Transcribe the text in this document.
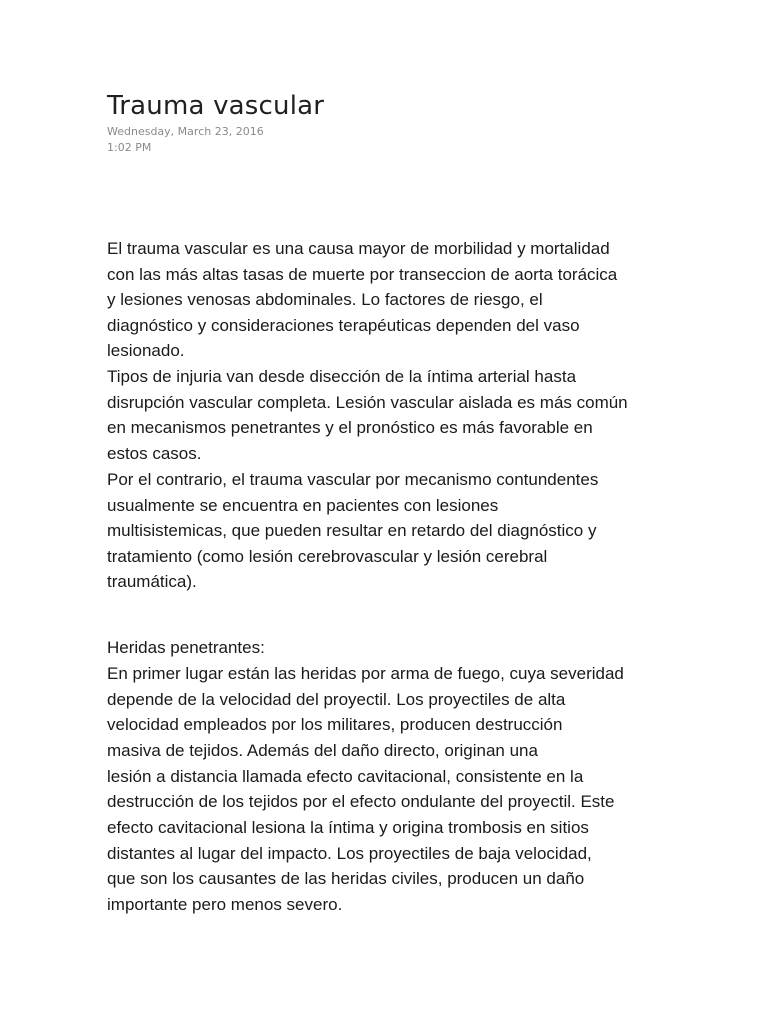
Trauma vascular

Wednesday, March 23, 2016

1:02 PM

El trauma vascular es una causa mayor de morbilidad y mortalidad
con las más altas tasas de muerte por transeccion de aorta torácica
y lesiones venosas abdominales. Lo factores de riesgo, el
diagnóstico y consideraciones terapéuticas dependen del vaso
lesionado.
Tipos de injuria van desde disección de la íntima arterial hasta
disrupción vascular completa. Lesión vascular aislada es más común
en mecanismos penetrantes y el pronóstico es más favorable en
estos casos.
Por el contrario, el trauma vascular por mecanismo contundentes
usualmente se encuentra en pacientes con lesiones
multisistemicas, que pueden resultar en retardo del diagnóstico y
tratamiento (como lesión cerebrovascular y lesión cerebral
traumática).
Heridas penetrantes:
En primer lugar están las heridas por arma de fuego, cuya severidad
depende de la velocidad del proyectil. Los proyectiles de alta
velocidad empleados por los militares, producen destrucción
masiva de tejidos. Además del daño directo, originan una
lesión a distancia llamada efecto cavitacional, consistente en la
destrucción de los tejidos por el efecto ondulante del proyectil. Este
efecto cavitacional lesiona la íntima y origina trombosis en sitios
distantes al lugar del impacto. Los proyectiles de baja velocidad,
que son los causantes de las heridas civiles, producen un daño
importante pero menos severo.
